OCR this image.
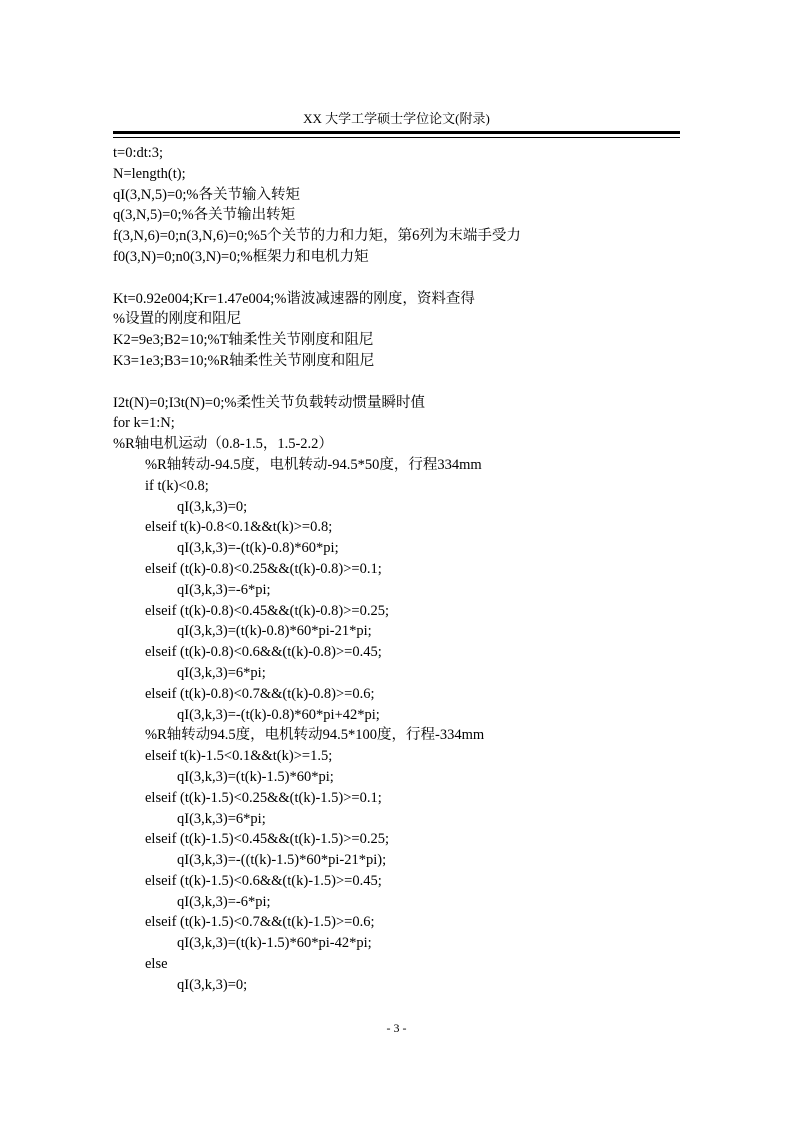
XX 大学工学硕士学位论文(附录)
t=0:dt:3;
N=length(t);
qI(3,N,5)=0;%各关节输入转矩
q(3,N,5)=0;%各关节输出转矩
f(3,N,6)=0;n(3,N,6)=0;%5个关节的力和力矩，第6列为末端手受力
f0(3,N)=0;n0(3,N)=0;%框架力和电机力矩
Kt=0.92e004;Kr=1.47e004;%谐波减速器的刚度，资料查得
%设置的刚度和阻尼
K2=9e3;B2=10;%T轴柔性关节刚度和阻尼
K3=1e3;B3=10;%R轴柔性关节刚度和阻尼
I2t(N)=0;I3t(N)=0;%柔性关节负载转动惯量瞬时值
for k=1:N;
%R轴电机运动（0.8-1.5，1.5-2.2）
%R轴转动-94.5度，电机转动-94.5*50度，行程334mm
if t(k)<0.8;
qI(3,k,3)=0;
elseif t(k)-0.8<0.1&&t(k)>=0.8;
qI(3,k,3)=-(t(k)-0.8)*60*pi;
elseif (t(k)-0.8)<0.25&&(t(k)-0.8)>=0.1;
qI(3,k,3)=-6*pi;
elseif (t(k)-0.8)<0.45&&(t(k)-0.8)>=0.25;
qI(3,k,3)=(t(k)-0.8)*60*pi-21*pi;
elseif (t(k)-0.8)<0.6&&(t(k)-0.8)>=0.45;
qI(3,k,3)=6*pi;
elseif (t(k)-0.8)<0.7&&(t(k)-0.8)>=0.6;
qI(3,k,3)=-(t(k)-0.8)*60*pi+42*pi;
%R轴转动94.5度，电机转动94.5*100度，行程-334mm
elseif t(k)-1.5<0.1&&t(k)>=1.5;
qI(3,k,3)=(t(k)-1.5)*60*pi;
elseif (t(k)-1.5)<0.25&&(t(k)-1.5)>=0.1;
qI(3,k,3)=6*pi;
elseif (t(k)-1.5)<0.45&&(t(k)-1.5)>=0.25;
qI(3,k,3)=-((t(k)-1.5)*60*pi-21*pi);
elseif (t(k)-1.5)<0.6&&(t(k)-1.5)>=0.45;
qI(3,k,3)=-6*pi;
elseif (t(k)-1.5)<0.7&&(t(k)-1.5)>=0.6;
qI(3,k,3)=(t(k)-1.5)*60*pi-42*pi;
else
qI(3,k,3)=0;
- 3 -
